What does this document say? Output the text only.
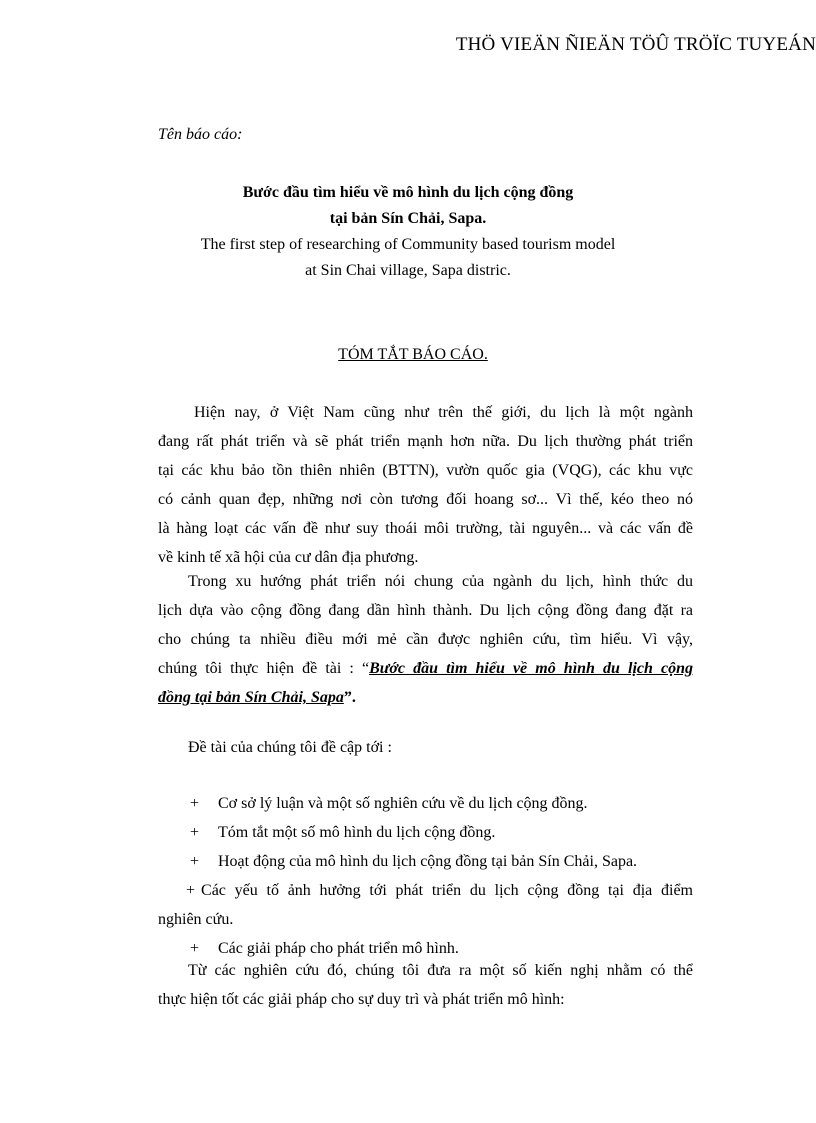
THÖ VIEÄN ÑIEÄN TÖÛ TRÖÏC TUYEÁN
Tên báo cáo:
Bước đầu tìm hiểu về mô hình du lịch cộng đồng
tại bản Sín Chải, Sapa.
The first step of researching of Community based tourism model
at Sin Chai village, Sapa distric.
TÓM TẮT BÁO CÁO.
Hiện nay, ở Việt Nam cũng như trên thế giới, du lịch là một ngành
đang rất phát triển và sẽ phát triển mạnh hơn nữa. Du lịch thường phát triển
tại các khu bảo tồn thiên nhiên (BTTN), vườn quốc gia (VQG), các khu vực
có cảnh quan đẹp, những nơi còn tương đối hoang sơ... Vì thế, kéo theo nó
là hàng loạt các vấn đề như suy thoái môi trường, tài nguyên... và các vấn đề
về kinh tế xã hội của cư dân địa phương.
Trong xu hướng phát triển nói chung của ngành du lịch, hình thức du
lịch dựa vào cộng đồng đang dần hình thành. Du lịch cộng đồng đang đặt ra
cho chúng ta nhiều điều mới mẻ cần được nghiên cứu, tìm hiểu. Vì vậy,
chúng tôi thực hiện đề tài : “Bước đầu tìm hiểu về mô hình du lịch cộng
đồng tại bản Sín Chải, Sapa”.
Đề tài của chúng tôi đề cập tới :
+ Cơ sở lý luận và một số nghiên cứu về du lịch cộng đồng.
+ Tóm tắt một số mô hình du lịch cộng đồng.
+ Hoạt động của mô hình du lịch cộng đồng tại bản Sín Chải, Sapa.
+ Các yếu tố ảnh hưởng tới phát triển du lịch cộng đồng tại địa điểm
nghiên cứu.
+ Các giải pháp cho phát triển mô hình.
Từ các nghiên cứu đó, chúng tôi đưa ra một số kiến nghị nhằm có thể
thực hiện tốt các giải pháp cho sự duy trì và phát triển mô hình:
